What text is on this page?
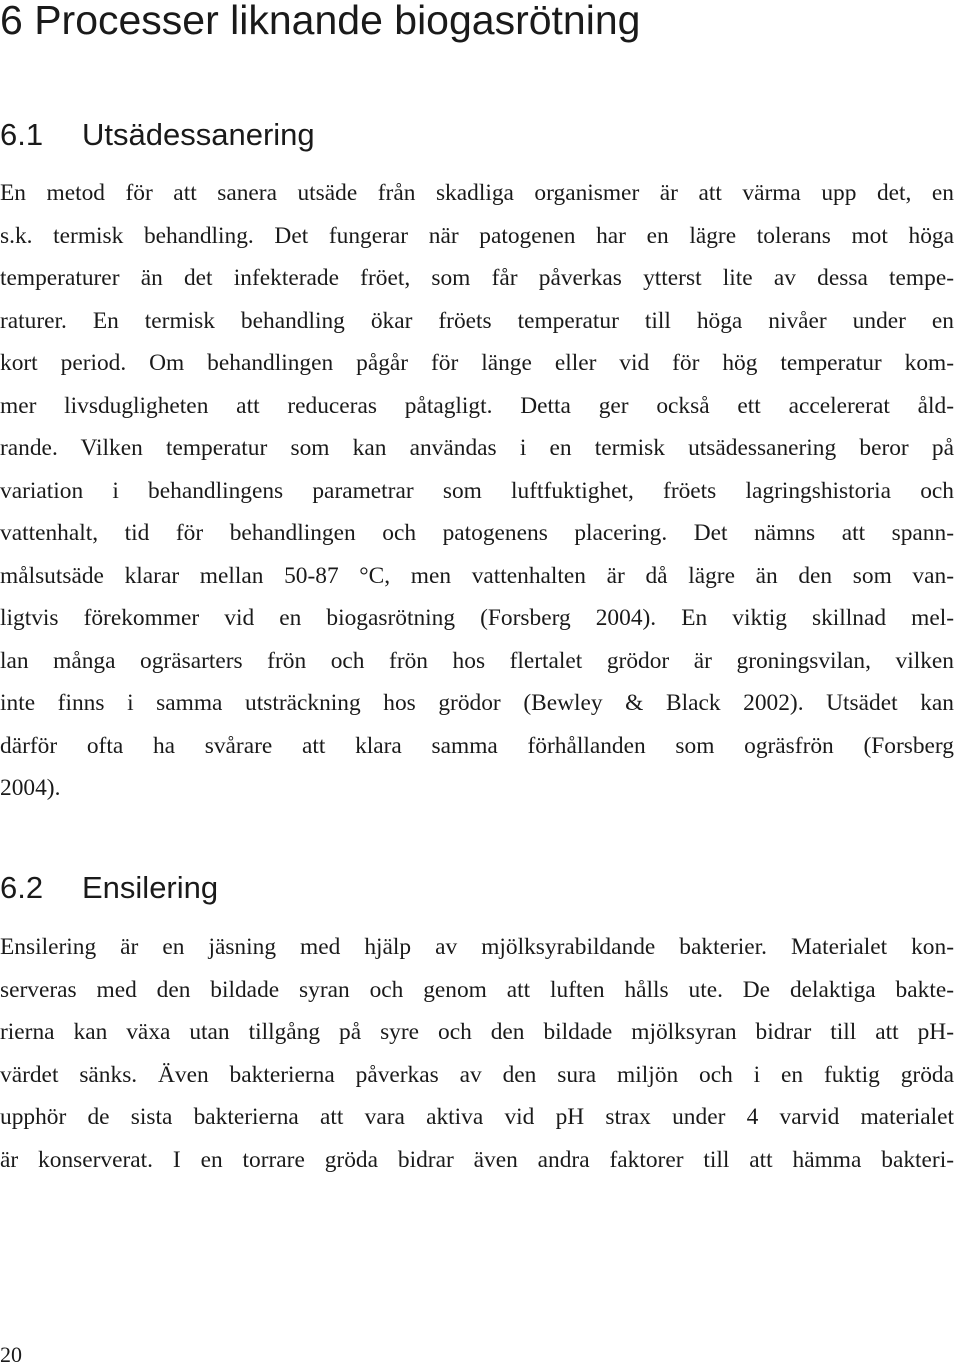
6 Processer liknande biogasrötning
6.1 Utsädessanering

En metod för att sanera utsäde från skadliga organismer är att värma upp det, en
s.k. termisk behandling. Det fungerar när patogenen har en lägre tolerans mot höga
temperaturer än det infekterade fröet, som får påverkas ytterst lite av dessa tempe-
raturer. En termisk behandling ökar fröets temperatur till höga nivåer under en
kort period. Om behandlingen pågår för länge eller vid för hög temperatur kom-
mer livsdugligheten att reduceras påtagligt. Detta ger också ett accelererat åld-
rande. Vilken temperatur som kan användas i en termisk utsädessanering beror på
variation i behandlingens parametrar som luftfuktighet, fröets lagringshistoria och
vattenhalt, tid för behandlingen och patogenens placering. Det nämns att spann-
målsutsäde klarar mellan 50-87 °C, men vattenhalten är då lägre än den som van-
ligtvis förekommer vid en biogasrötning (Forsberg 2004). En viktig skillnad mel-
lan många ogräsarters frön och frön hos flertalet grödor är groningsvilan, vilken
inte finns i samma utsträckning hos grödor (Bewley & Black 2002). Utsädet kan
därför ofta ha svårare att klara samma förhållanden som ogräsfrön (Forsberg
2004).

6.2 Ensilering

Ensilering är en jäsning med hjälp av mjölksyrabildande bakterier. Materialet kon-
serveras med den bildade syran och genom att luften hålls ute. De delaktiga bakte-
rierna kan växa utan tillgång på syre och den bildade mjölksyran bidrar till att pH-
värdet sänks. Även bakterierna påverkas av den sura miljön och i en fuktig gröda
upphör de sista bakterierna att vara aktiva vid pH strax under 4 varvid materialet
är konserverat. I en torrare gröda bidrar även andra faktorer till att hämma bakteri-

20
